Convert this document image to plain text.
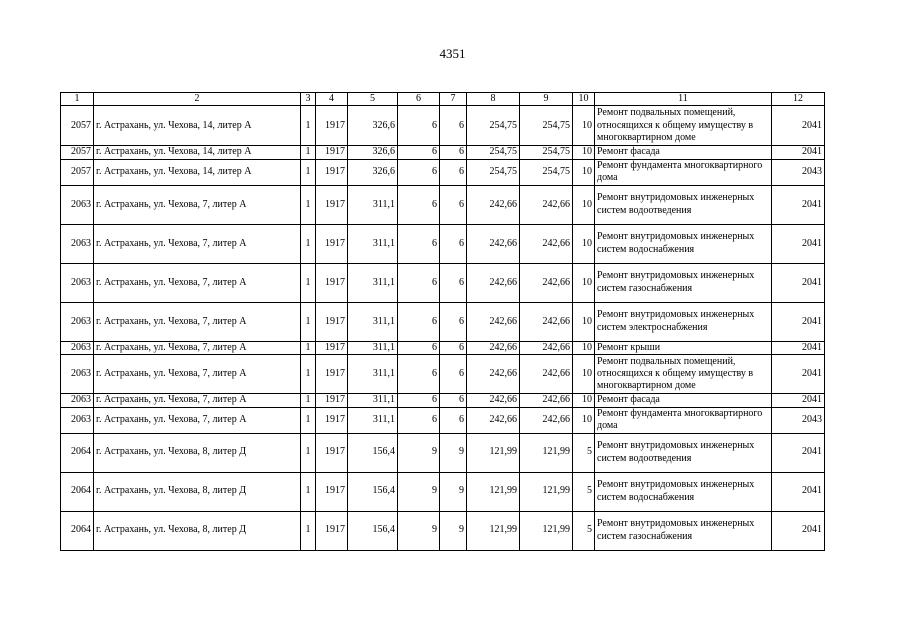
4351
1	2	3	4	5	6	7	8	9	10	11	12
2057	г. Астрахань, ул. Чехова, 14, литер А	1	1917	326,6	6	6	254,75	254,75	10	Ремонт подвальных помещений, относящихся к общему имуществу в многоквартирном доме	2041
2057	г. Астрахань, ул. Чехова, 14, литер А	1	1917	326,6	6	6	254,75	254,75	10	Ремонт фасада	2041
2057	г. Астрахань, ул. Чехова, 14, литер А	1	1917	326,6	6	6	254,75	254,75	10	Ремонт фундамента многоквартирного дома	2043
2063	г. Астрахань, ул. Чехова, 7, литер А	1	1917	311,1	6	6	242,66	242,66	10	Ремонт внутридомовых инженерных систем водоотведения	2041
2063	г. Астрахань, ул. Чехова, 7, литер А	1	1917	311,1	6	6	242,66	242,66	10	Ремонт внутридомовых инженерных систем водоснабжения	2041
2063	г. Астрахань, ул. Чехова, 7, литер А	1	1917	311,1	6	6	242,66	242,66	10	Ремонт внутридомовых инженерных систем газоснабжения	2041
2063	г. Астрахань, ул. Чехова, 7, литер А	1	1917	311,1	6	6	242,66	242,66	10	Ремонт внутридомовых инженерных систем электроснабжения	2041
2063	г. Астрахань, ул. Чехова, 7, литер А	1	1917	311,1	6	6	242,66	242,66	10	Ремонт крыши	2041
2063	г. Астрахань, ул. Чехова, 7, литер А	1	1917	311,1	6	6	242,66	242,66	10	Ремонт подвальных помещений, относящихся к общему имуществу в многоквартирном доме	2041
2063	г. Астрахань, ул. Чехова, 7, литер А	1	1917	311,1	6	6	242,66	242,66	10	Ремонт фасада	2041
2063	г. Астрахань, ул. Чехова, 7, литер А	1	1917	311,1	6	6	242,66	242,66	10	Ремонт фундамента многоквартирного дома	2043
2064	г. Астрахань, ул. Чехова, 8, литер Д	1	1917	156,4	9	9	121,99	121,99	5	Ремонт внутридомовых инженерных систем водоотведения	2041
2064	г. Астрахань, ул. Чехова, 8, литер Д	1	1917	156,4	9	9	121,99	121,99	5	Ремонт внутридомовых инженерных систем водоснабжения	2041
2064	г. Астрахань, ул. Чехова, 8, литер Д	1	1917	156,4	9	9	121,99	121,99	5	Ремонт внутридомовых инженерных систем газоснабжения	2041
